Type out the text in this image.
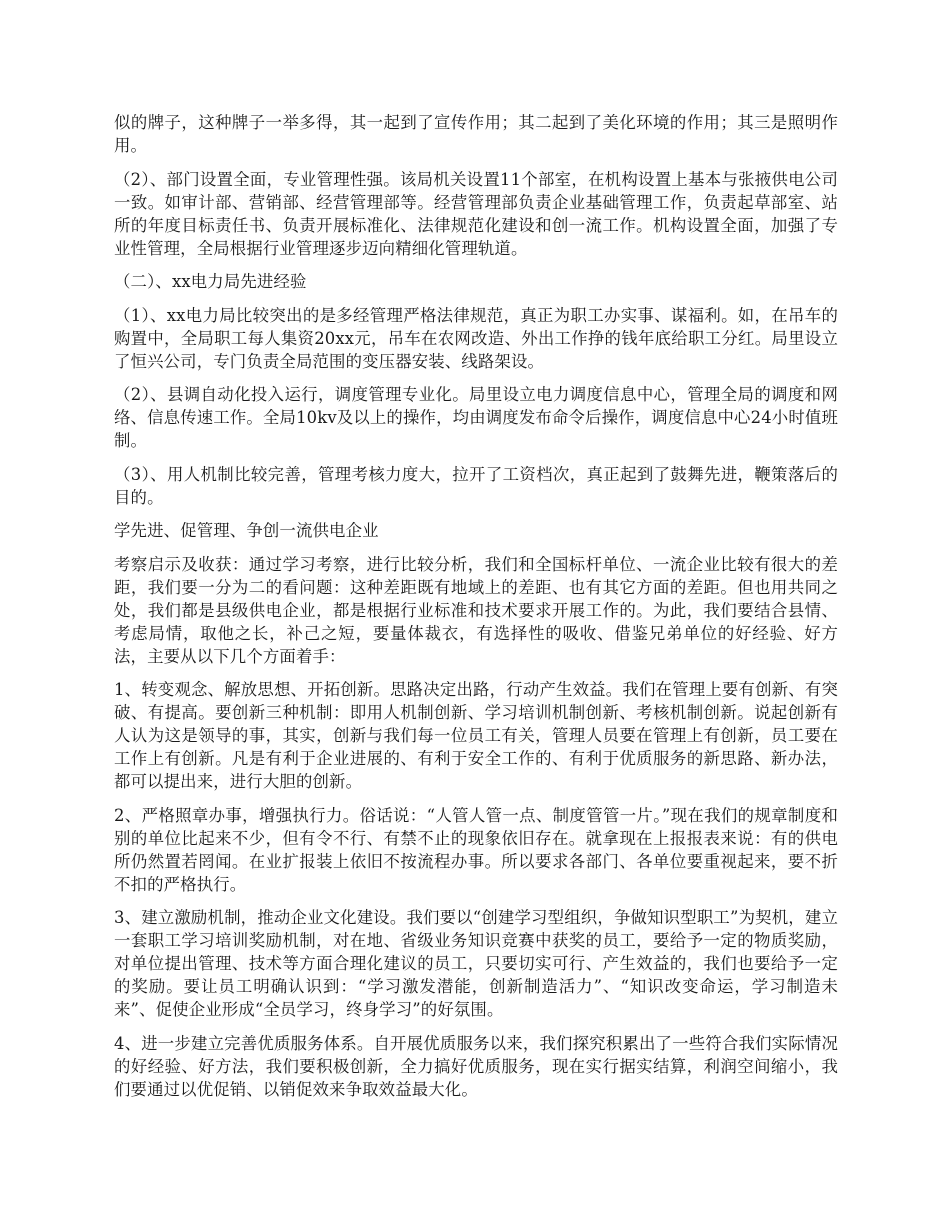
似的牌子，这种牌子一举多得，其一起到了宣传作用；其二起到了美化环境的作用；其三是照明作用。

（2）、部门设置全面，专业管理性强。该局机关设置11个部室，在机构设置上基本与张掖供电公司一致。如审计部、营销部、经营管理部等。经营管理部负责企业基础管理工作，负责起草部室、站所的年度目标责任书、负责开展标准化、法律规范化建设和创一流工作。机构设置全面，加强了专业性管理，全局根据行业管理逐步迈向精细化管理轨道。

（二）、xx电力局先进经验

（1）、xx电力局比较突出的是多经管理严格法律规范，真正为职工办实事、谋福利。如，在吊车的购置中，全局职工每人集资20xx元，吊车在农网改造、外出工作挣的钱年底给职工分红。局里设立了恒兴公司，专门负责全局范围的变压器安装、线路架设。

（2）、县调自动化投入运行，调度管理专业化。局里设立电力调度信息中心，管理全局的调度和网络、信息传速工作。全局10kv及以上的操作，均由调度发布命令后操作，调度信息中心24小时值班制。

（3）、用人机制比较完善，管理考核力度大，拉开了工资档次，真正起到了鼓舞先进，鞭策落后的目的。

学先进、促管理、争创一流供电企业

考察启示及收获：通过学习考察，进行比较分析，我们和全国标杆单位、一流企业比较有很大的差距，我们要一分为二的看问题：这种差距既有地域上的差距、也有其它方面的差距。但也用共同之处，我们都是县级供电企业，都是根据行业标准和技术要求开展工作的。为此，我们要结合县情、考虑局情，取他之长，补己之短，要量体裁衣，有选择性的吸收、借鉴兄弟单位的好经验、好方法，主要从以下几个方面着手：

1、转变观念、解放思想、开拓创新。思路决定出路，行动产生效益。我们在管理上要有创新、有突破、有提高。要创新三种机制：即用人机制创新、学习培训机制创新、考核机制创新。说起创新有人认为这是领导的事，其实，创新与我们每一位员工有关，管理人员要在管理上有创新，员工要在工作上有创新。凡是有利于企业进展的、有利于安全工作的、有利于优质服务的新思路、新办法，都可以提出来，进行大胆的创新。

2、严格照章办事，增强执行力。俗话说：“人管人管一点、制度管管一片。”现在我们的规章制度和别的单位比起来不少，但有令不行、有禁不止的现象依旧存在。就拿现在上报报表来说：有的供电所仍然置若罔闻。在业扩报装上依旧不按流程办事。所以要求各部门、各单位要重视起来，要不折不扣的严格执行。

3、建立激励机制，推动企业文化建设。我们要以“创建学习型组织，争做知识型职工”为契机，建立一套职工学习培训奖励机制，对在地、省级业务知识竞赛中获奖的员工，要给予一定的物质奖励，对单位提出管理、技术等方面合理化建议的员工，只要切实可行、产生效益的，我们也要给予一定的奖励。要让员工明确认识到：“学习激发潜能，创新制造活力”、“知识改变命运，学习制造未来”、促使企业形成“全员学习，终身学习”的好氛围。

4、进一步建立完善优质服务体系。自开展优质服务以来，我们探究积累出了一些符合我们实际情况的好经验、好方法，我们要积极创新，全力搞好优质服务，现在实行据实结算，利润空间缩小，我们要通过以优促销、以销促效来争取效益最大化。
